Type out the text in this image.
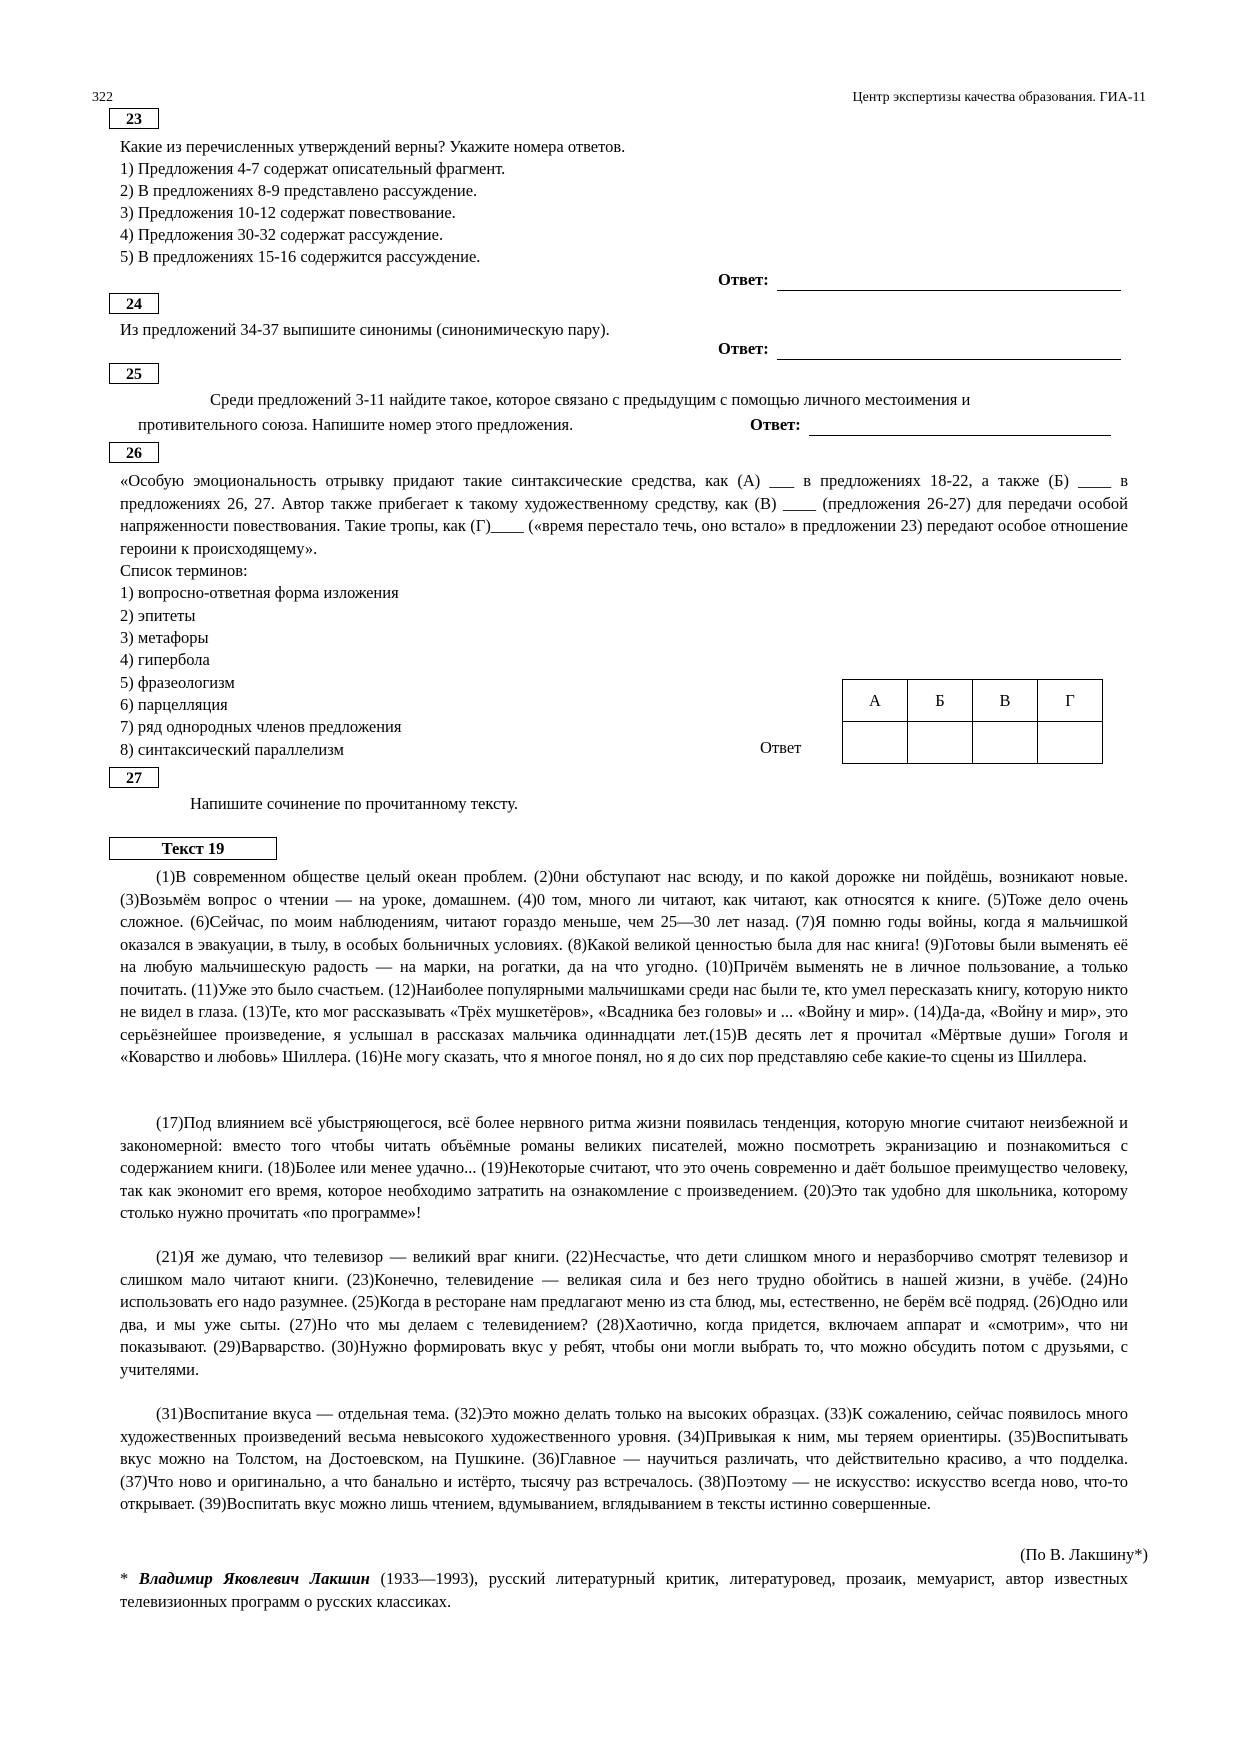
322	Центр экспертизы качества образования. ГИА-11
23
Какие из перечисленных утверждений верны? Укажите номера ответов.
1) Предложения 4-7 содержат описательный фрагмент.
2) В предложениях 8-9 представлено рассуждение.
3) Предложения 10-12 содержат повествование.
4) Предложения 30-32 содержат рассуждение.
5) В предложениях 15-16 содержится рассуждение.
Ответ:
24
Из предложений 34-37 выпишите синонимы (синонимическую пару).
Ответ:
25
Среди предложений 3-11 найдите такое, которое связано с предыдущим с помощью личного местоимения и
противительного союза. Напишите номер этого предложения.	Ответ:
26

«Особую эмоциональность отрывку придают такие синтаксические средства, как (А) ___ в предложениях 18-22, а также (Б) ____ в предложениях 26, 27. Автор также прибегает к такому художественному средству, как (В) ____ (предложения 26-27) для передачи особой напряженности повествования. Такие тропы, как (Г)____ («время перестало течь, оно встало» в предложении 23) передают особое отношение героини к происходящему».

Список терминов:
1) вопросно-ответная форма изложения
2) эпитеты
3) метафоры
4) гипербола
5) фразеологизм
6) парцелляция
7) ряд однородных членов предложения
8) синтаксический параллелизм	Ответ
А	Б	В	Г

27
Напишите сочинение по прочитанному тексту.
Текст 19

(1)В современном обществе целый океан проблем. (2)0ни обступают нас всюду, и по какой дорожке ни пойдёшь, возникают новые. (3)Возьмём вопрос о чтении — на уроке, домашнем. (4)0 том, много ли читают, как читают, как относятся к книге. (5)Тоже дело очень сложное. (6)Сейчас, по моим наблюдениям, читают гораздо меньше, чем 25—30 лет назад. (7)Я помню годы войны, когда я мальчишкой оказался в эвакуации, в тылу, в особых больничных условиях. (8)Какой великой ценностью была для нас книга! (9)Готовы были выменять её на любую мальчишескую радость — на марки, на рогатки, да на что угодно. (10)Причём выменять не в личное пользование, а только почитать. (11)Уже это было счастьем. (12)Наиболее популярными мальчишками среди нас были те, кто умел пересказать книгу, которую никто не видел в глаза. (13)Те, кто мог рассказывать «Трёх мушкетёров», «Всадника без головы» и ... «Войну и мир». (14)Да-да, «Войну и мир», это серьёзнейшее произведение, я услышал в рассказах мальчика одиннадцати лет.(15)В десять лет я прочитал «Мёртвые души» Гоголя и «Коварство и любовь» Шиллера. (16)Не могу сказать, что я многое понял, но я до сих пор представляю себе какие-то сцены из Шиллера.

(17)Под влиянием всё убыстряющегося, всё более нервного ритма жизни появилась тенденция, которую многие считают неизбежной и закономерной: вместо того чтобы читать объёмные романы великих писателей, можно посмотреть экранизацию и познакомиться с содержанием книги. (18)Более или менее удачно... (19)Некоторые считают, что это очень современно и даёт большое преимущество человеку, так как экономит его время, которое необходимо затратить на ознакомление с произведением. (20)Это так удобно для школьника, которому столько нужно прочитать «по программе»!

(21)Я же думаю, что телевизор — великий враг книги. (22)Несчастье, что дети слишком много и неразборчиво смотрят телевизор и слишком мало читают книги. (23)Конечно, телевидение — великая сила и без него трудно обойтись в нашей жизни, в учёбе. (24)Но использовать его надо разумнее. (25)Когда в ресторане нам предлагают меню из ста блюд, мы, естественно, не берём всё подряд. (26)Одно или два, и мы уже сыты. (27)Но что мы делаем с телевидением? (28)Хаотично, когда придется, включаем аппарат и «смотрим», что ни показывают. (29)Варварство. (30)Нужно формировать вкус у ребят, чтобы они могли выбрать то, что можно обсудить потом с друзьями, с учителями.

(31)Воспитание вкуса — отдельная тема. (32)Это можно делать только на высоких образцах. (33)К сожалению, сейчас появилось много художественных произведений весьма невысокого художественного уровня. (34)Привыкая к ним, мы теряем ориентиры. (35)Воспитывать вкус можно на Толстом, на Достоевском, на Пушкине. (36)Главное — научиться различать, что действительно красиво, а что подделка. (37)Что ново и оригинально, а что банально и истёрто, тысячу раз встречалось. (38)Поэтому — не искусство: искусство всегда ново, что-то открывает. (39)Воспитать вкус можно лишь чтением, вдумыванием, вглядыванием в тексты истинно совершенные.

(По В. Лакшину*)
* Владимир Яковлевич Лакшин (1933—1993), русский литературный критик, литературовед, прозаик, мемуарист, автор известных телевизионных программ о русских классиках.
